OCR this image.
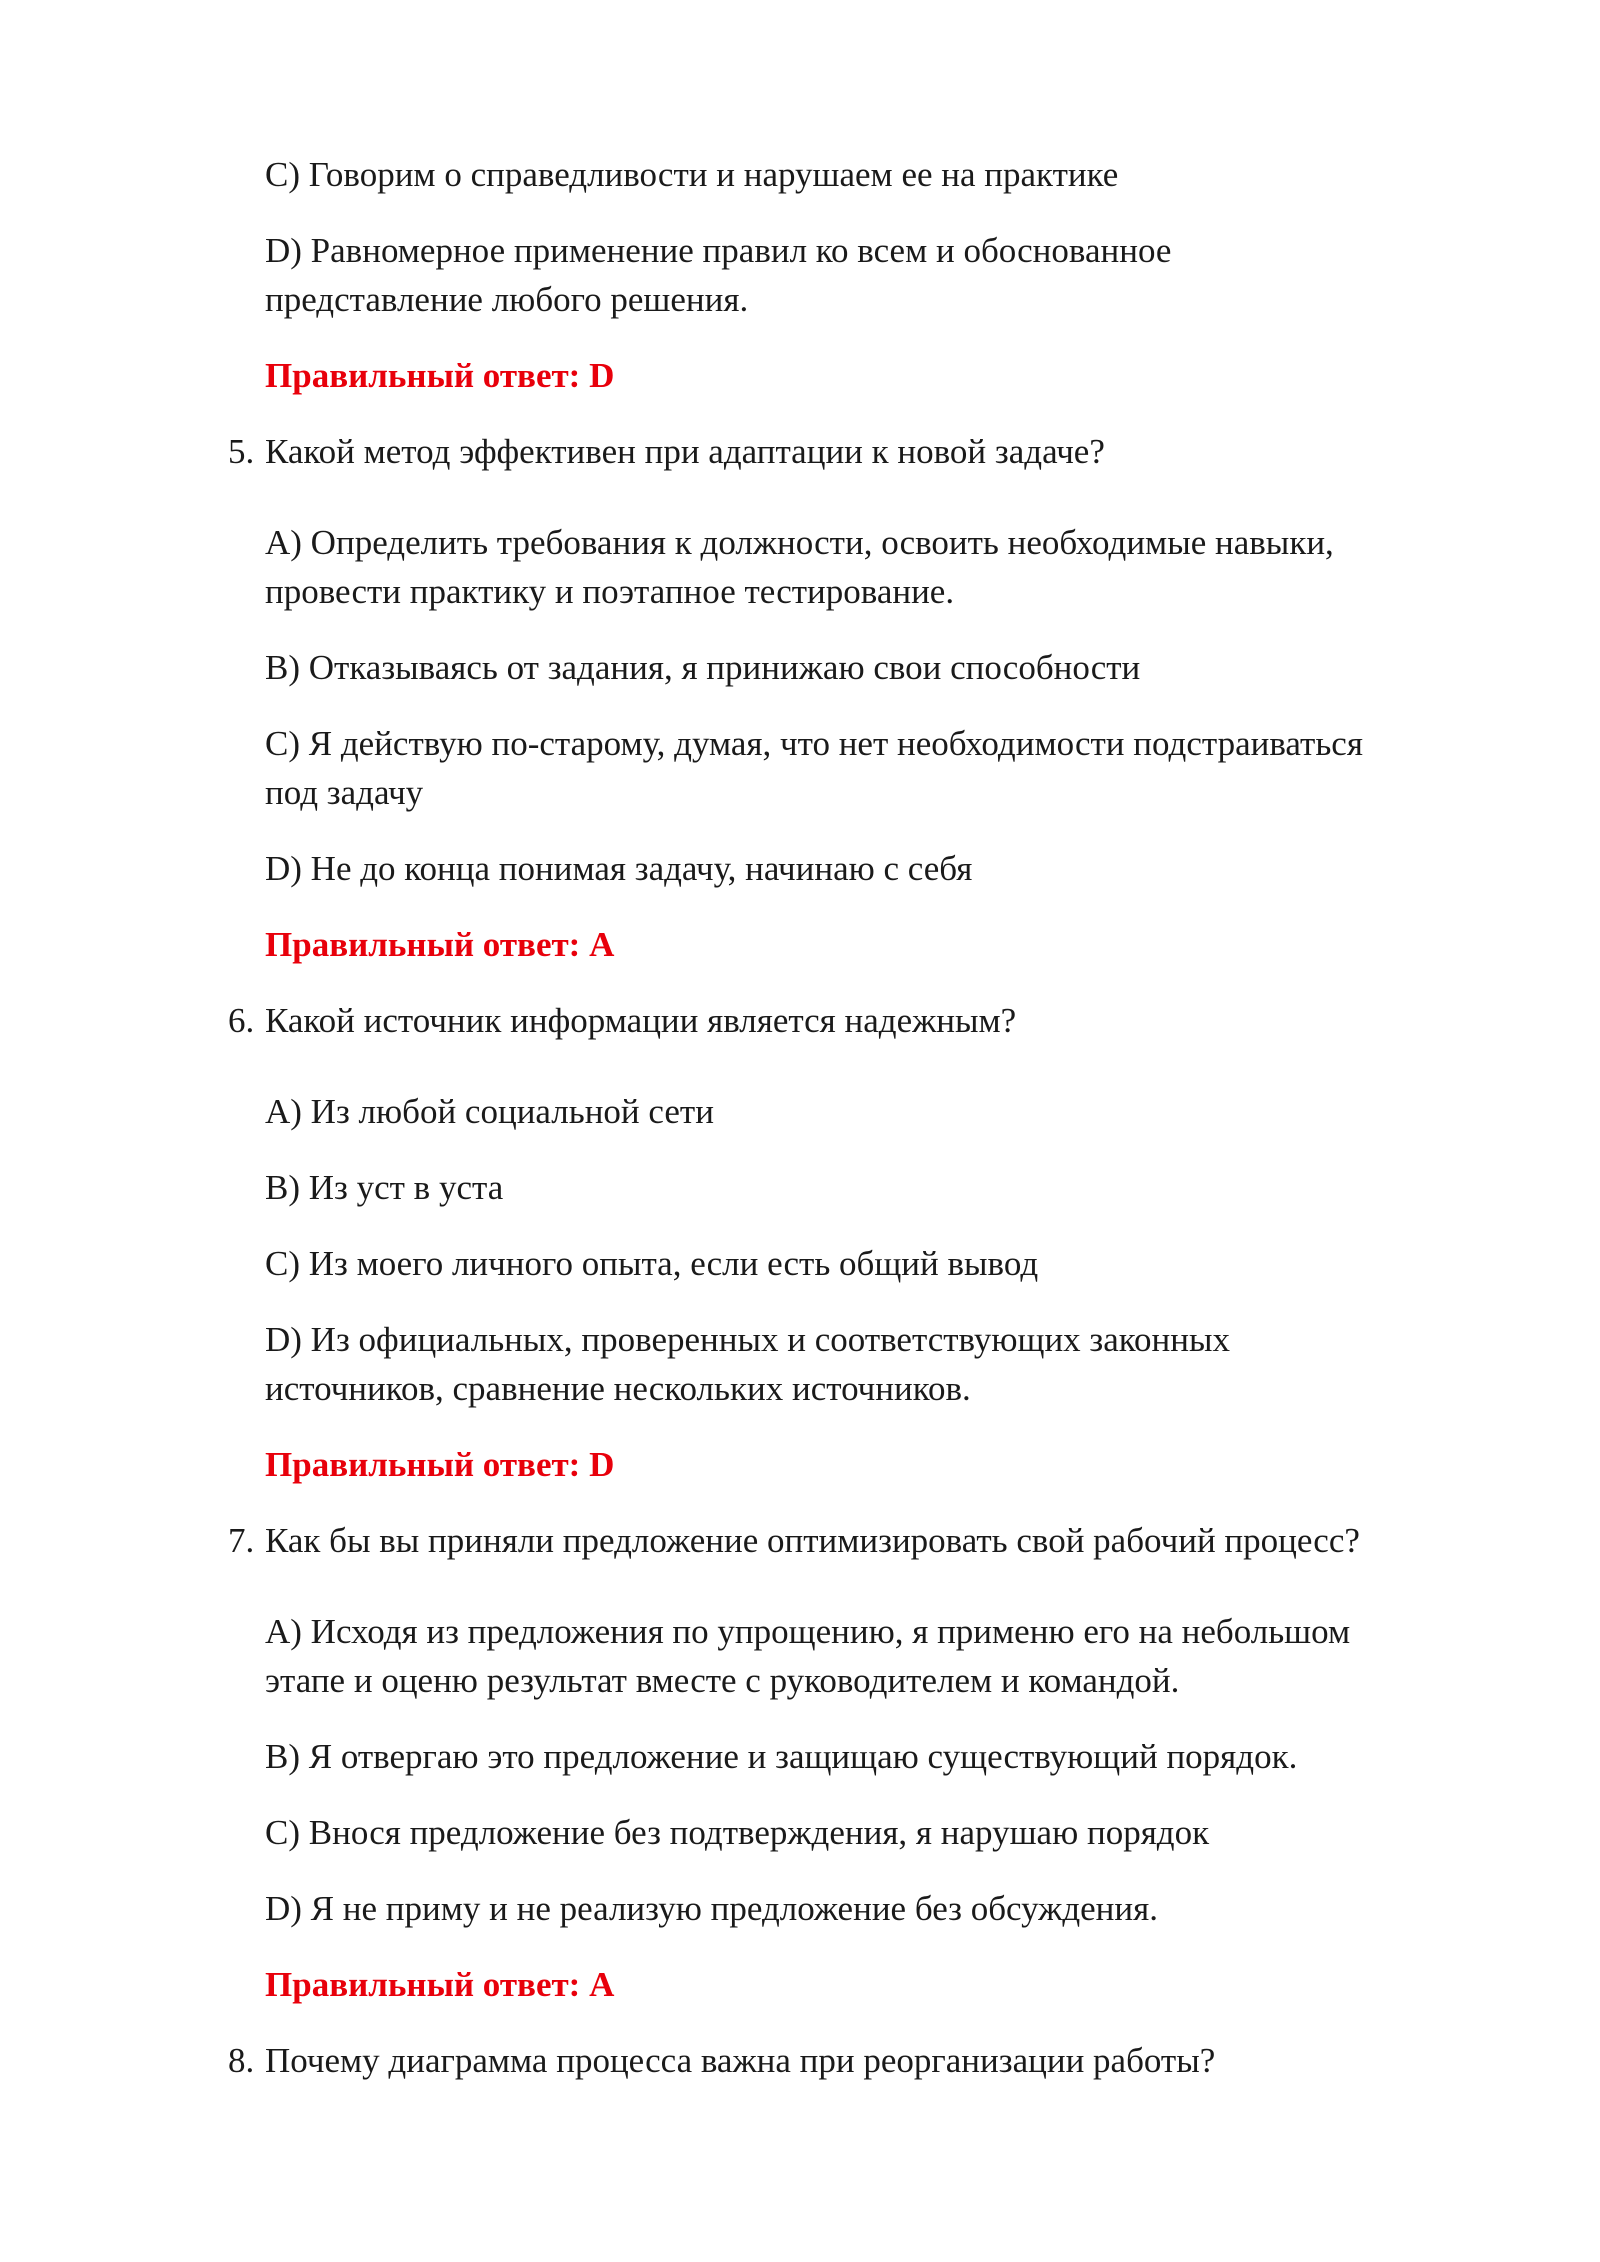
C) Говорим о справедливости и нарушаем ее на практике
D) Равномерное применение правил ко всем и обоснованное
представление любого решения.
Правильный ответ: D
5. Какой метод эффективен при адаптации к новой задаче?
A) Определить требования к должности, освоить необходимые навыки,
провести практику и поэтапное тестирование.
B) Отказываясь от задания, я принижаю свои способности
C) Я действую по-старому, думая, что нет необходимости подстраиваться
под задачу
D) Не до конца понимая задачу, начинаю с себя
Правильный ответ: A
6. Какой источник информации является надежным?
A) Из любой социальной сети
B) Из уст в уста
C) Из моего личного опыта, если есть общий вывод
D) Из официальных, проверенных и соответствующих законных
источников, сравнение нескольких источников.
Правильный ответ: D
7. Как бы вы приняли предложение оптимизировать свой рабочий процесс?
A) Исходя из предложения по упрощению, я применю его на небольшом
этапе и оценю результат вместе с руководителем и командой.
B) Я отвергаю это предложение и защищаю существующий порядок.
C) Внося предложение без подтверждения, я нарушаю порядок
D) Я не приму и не реализую предложение без обсуждения.
Правильный ответ: A
8. Почему диаграмма процесса важна при реорганизации работы?
